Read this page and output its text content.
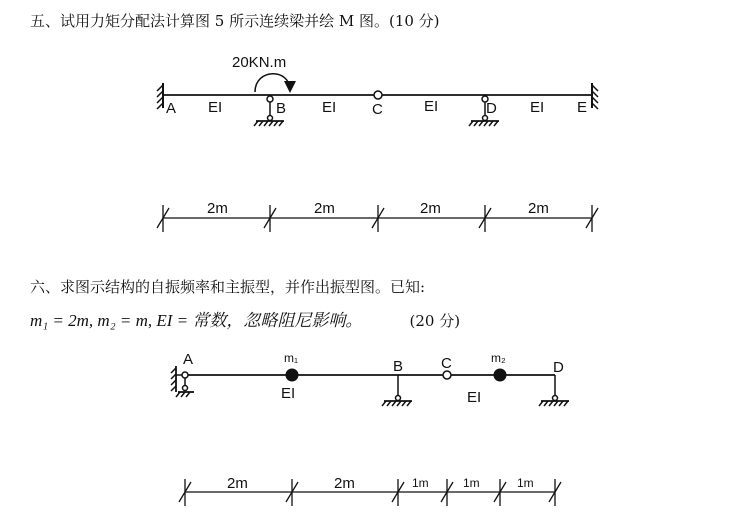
五、试用力矩分配法计算图 5 所示连续梁并绘 M 图。(10 分)
六、求图示结构的自振频率和主振型，并作出振型图。已知:
m₁ = 2m, m₂ = m, EI = 常数，忽略阻尼影响。	(20 分)
20KN.m
A	B	C	D	E
EI	EI	EI	EI
2m	2m	2m	2m
A	B	C	D
m₁	m₂
EI	EI
2m	2m	1m	1m	1m
